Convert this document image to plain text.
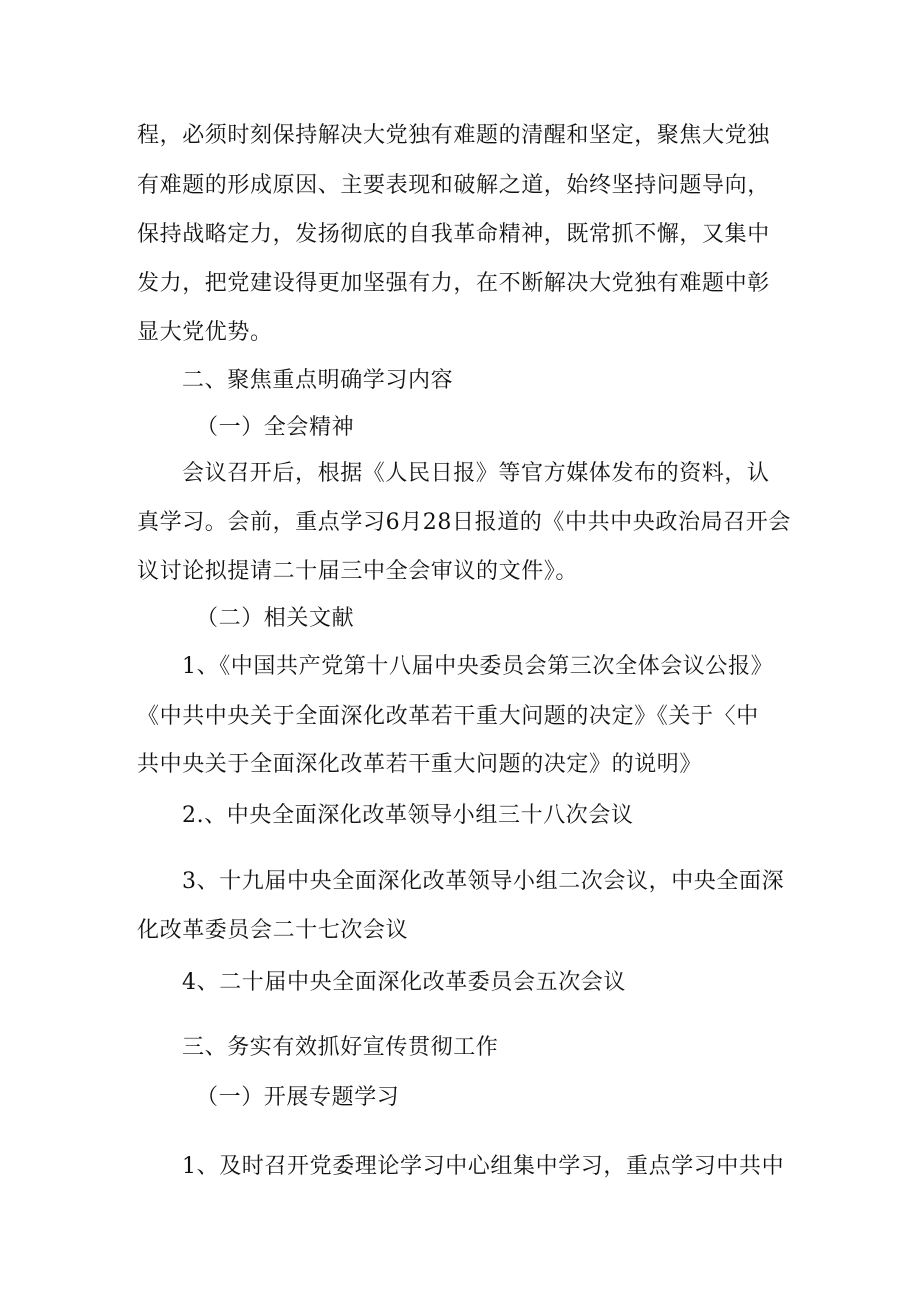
程，必须时刻保持解决大党独有难题的清醒和坚定，聚焦大党独
有难题的形成原因、主要表现和破解之道，始终坚持问题导向，
保持战略定力，发扬彻底的自我革命精神，既常抓不懈，又集中
发力，把党建设得更加坚强有力，在不断解决大党独有难题中彰
显大党优势。
二、聚焦重点明确学习内容
（一）全会精神
会议召开后，根据《人民日报》等官方媒体发布的资料，认
真学习。会前，重点学习6月28日报道的《中共中央政治局召开会
议讨论拟提请二十届三中全会审议的文件》。
（二）相关文献
1、《中国共产党第十八届中央委员会第三次全体会议公报》
《中共中央关于全面深化改革若干重大问题的决定》《关于〈中
共中央关于全面深化改革若干重大问题的决定》的说明》
2.、中央全面深化改革领导小组三十八次会议
3、十九届中央全面深化改革领导小组二次会议，中央全面深
化改革委员会二十七次会议
4、二十届中央全面深化改革委员会五次会议
三、务实有效抓好宣传贯彻工作
（一）开展专题学习
1、及时召开党委理论学习中心组集中学习，重点学习中共中
